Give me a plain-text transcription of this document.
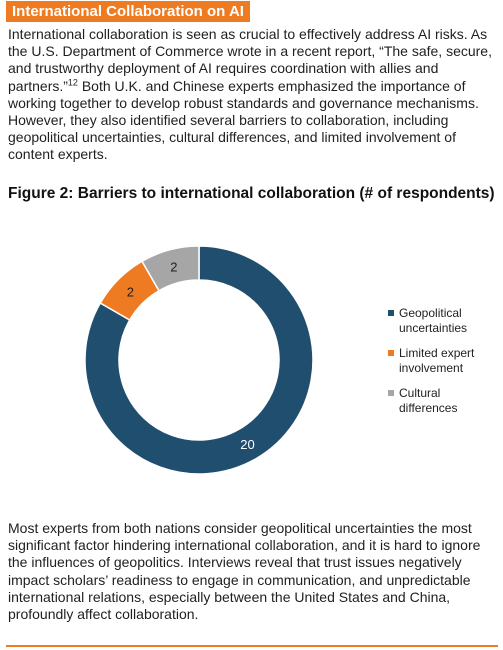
International Collaboration on AI

International collaboration is seen as crucial to effectively address AI risks. As the U.S. Department of Commerce wrote in a recent report, “The safe, secure, and trustworthy deployment of AI requires coordination with allies and partners.”$^{12}$ Both U.K. and Chinese experts emphasized the importance of working together to develop robust standards and governance mechanisms. However, they also identified several barriers to collaboration, including geopolitical uncertainties, cultural differences, and limited involvement of content experts.

Figure 2: Barriers to international collaboration (# of respondents)
20
2
2
Geopolitical
uncertainties
Limited expert
involvement
Cultural
differences

Most experts from both nations consider geopolitical uncertainties the most significant factor hindering international collaboration, and it is hard to ignore the influences of geopolitics. Interviews reveal that trust issues negatively impact scholars’ readiness to engage in communication, and unpredictable international relations, especially between the United States and China, profoundly affect collaboration.
